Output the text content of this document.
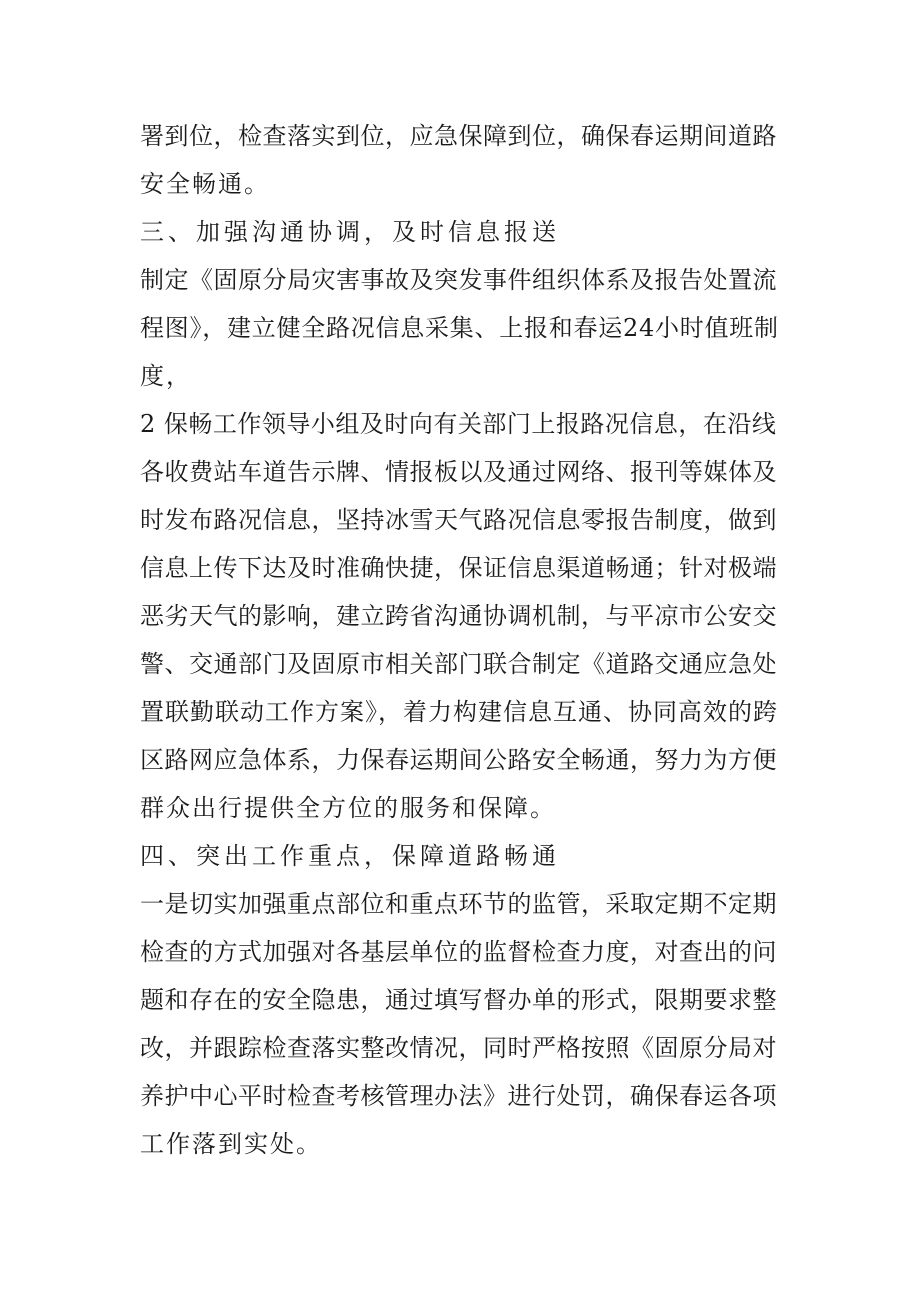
署到位，检查落实到位，应急保障到位，确保春运期间道路
安全畅通。
三、加强沟通协调，及时信息报送
制定《固原分局灾害事故及突发事件组织体系及报告处置流
程图》，建立健全路况信息采集、上报和春运24小时值班制
度，
2 保畅工作领导小组及时向有关部门上报路况信息，在沿线
各收费站车道告示牌、情报板以及通过网络、报刊等媒体及
时发布路况信息，坚持冰雪天气路况信息零报告制度，做到
信息上传下达及时准确快捷，保证信息渠道畅通；针对极端
恶劣天气的影响，建立跨省沟通协调机制，与平凉市公安交
警、交通部门及固原市相关部门联合制定《道路交通应急处
置联勤联动工作方案》，着力构建信息互通、协同高效的跨
区路网应急体系，力保春运期间公路安全畅通，努力为方便
群众出行提供全方位的服务和保障。
四、突出工作重点，保障道路畅通
一是切实加强重点部位和重点环节的监管，采取定期不定期
检查的方式加强对各基层单位的监督检查力度，对查出的问
题和存在的安全隐患，通过填写督办单的形式，限期要求整
改，并跟踪检查落实整改情况，同时严格按照《固原分局对
养护中心平时检查考核管理办法》进行处罚，确保春运各项
工作落到实处。
